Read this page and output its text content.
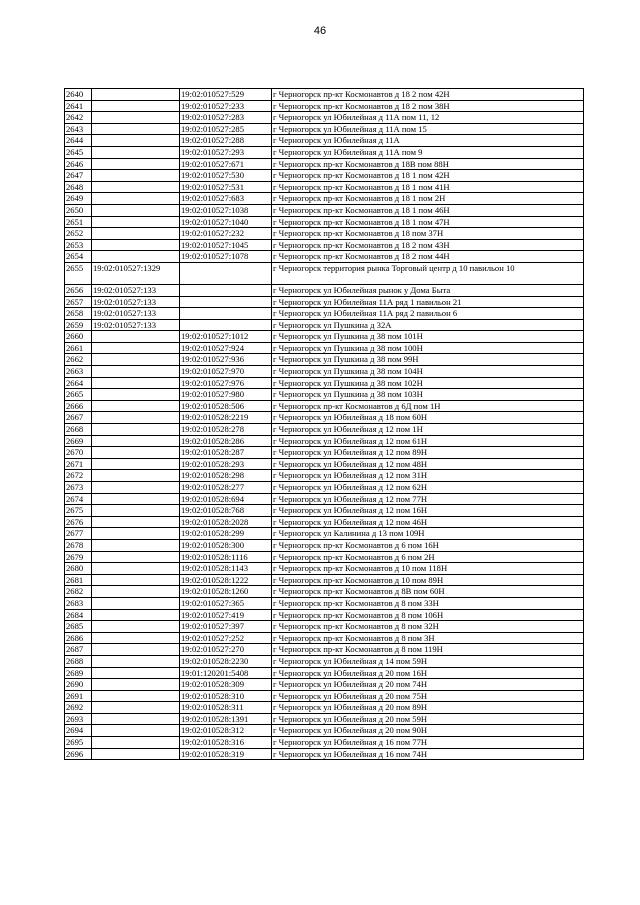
46
2640		19:02:010527:529	г Черногорск пр-кт Космонавтов д 18 2 пом 42Н
2641		19:02:010527:233	г Черногорск пр-кт Космонавтов д 18 2 пом 38Н
2642		19:02:010527:283	г Черногорск ул Юбилейная д 11А пом 11, 12
2643		19:02:010527:285	г Черногорск ул Юбилейная д 11А пом 15
2644		19:02:010527:288	г Черногорск ул Юбилейная д 11А
2645		19:02:010527:293	г Черногорск ул Юбилейная д 11А пом 9
2646		19:02:010527:671	г Черногорск пр-кт Космонавтов д 18В пом 88Н
2647		19:02:010527:530	г Черногорск пр-кт Космонавтов д 18 1 пом 42Н
2648		19:02:010527:531	г Черногорск пр-кт Космонавтов д 18 1 пом 41Н
2649		19:02:010527:683	г Черногорск пр-кт Космонавтов д 18 1 пом 2Н
2650		19:02:010527:1038	г Черногорск пр-кт Космонавтов д 18 1 пом 46Н
2651		19:02:010527:1040	г Черногорск пр-кт Космонавтов д 18 1 пом 47Н
2652		19:02:010527:232	г Черногорск пр-кт Космонавтов д 18 пом 37Н
2653		19:02:010527:1045	г Черногорск пр-кт Космонавтов д 18 2 пом 43Н
2654		19:02:010527:1078	г Черногорск пр-кт Космонавтов д 18 2 пом 44Н
2655	19:02:010527:1329		г Черногорск территория рынка Торговый центр д 10 павильон 10
2656	19:02:010527:133		г Черногорск ул Юбилейная рынок у Дома Быта
2657	19:02:010527:133		г Черногорск ул Юбилейная 11А ряд 1 павильон 21
2658	19:02:010527:133		г Черногорск ул Юбилейная 11А ряд 2 павильон 6
2659	19:02:010527:133		г Черногорск ул Пушкина д 32А
2660		19:02:010527:1012	г Черногорск ул Пушкина д 38 пом 101Н
2661		19:02:010527:924	г Черногорск ул Пушкина д 38 пом 100Н
2662		19:02:010527:936	г Черногорск ул Пушкина д 38 пом 99Н
2663		19:02:010527:970	г Черногорск ул Пушкина д 38 пом 104Н
2664		19:02:010527:976	г Черногорск ул Пушкина д 38 пом 102Н
2665		19:02:010527:980	г Черногорск ул Пушкина д 38 пом 103Н
2666		19:02:010528:506	г Черногорск пр-кт Космонавтов д 6Д пом 1Н
2667		19:02:010528:2219	г Черногорск ул Юбилейная д 18 пом 60Н
2668		19:02:010528:278	г Черногорск ул Юбилейная д 12 пом 1Н
2669		19:02:010528:286	г Черногорск ул Юбилейная д 12 пом 61Н
2670		19:02:010528:287	г Черногорск ул Юбилейная д 12 пом 89Н
2671		19:02:010528:293	г Черногорск ул Юбилейная д 12 пом 48Н
2672		19:02:010528:298	г Черногорск ул Юбилейная д 12 пом 31Н
2673		19:02:010528:277	г Черногорск ул Юбилейная д 12 пом 62Н
2674		19:02:010528:694	г Черногорск ул Юбилейная д 12 пом 77Н
2675		19:02:010528:768	г Черногорск ул Юбилейная д 12 пом 16Н
2676		19:02:010528:2028	г Черногорск ул Юбилейная д 12 пом 46Н
2677		19:02:010528:299	г Черногорск ул Калинина д 13 пом 109Н
2678		19:02:010528:300	г Черногорск пр-кт Космонавтов д 6 пом 16Н
2679		19:02:010528:1116	г Черногорск пр-кт Космонавтов д 6 пом 2Н
2680		19:02:010528:1143	г Черногорск пр-кт Космонавтов д 10 пом 118Н
2681		19:02:010528:1222	г Черногорск пр-кт Космонавтов д 10 пом 89Н
2682		19:02:010528:1260	г Черногорск пр-кт Космонавтов д 8В пом 60Н
2683		19:02:010527:365	г Черногорск пр-кт Космонавтов д 8 пом 33Н
2684		19:02:010527:419	г Черногорск пр-кт Космонавтов д 8 пом 106Н
2685		19:02:010527:397	г Черногорск пр-кт Космонавтов д 8 пом 32Н
2686		19:02:010527:252	г Черногорск пр-кт Космонавтов д 8 пом 3Н
2687		19:02:010527:270	г Черногорск пр-кт Космонавтов д 8 пом 119Н
2688		19:02:010528:2230	г Черногорск ул Юбилейная д 14 пом 59Н
2689		19:01:120201:5408	г Черногорск ул Юбилейная д 20 пом 16Н
2690		19:02:010528:309	г Черногорск ул Юбилейная д 20 пом 74Н
2691		19:02:010528:310	г Черногорск ул Юбилейная д 20 пом 75Н
2692		19:02:010528:311	г Черногорск ул Юбилейная д 20 пом 89Н
2693		19:02:010528:1391	г Черногорск ул Юбилейная д 20 пом 59Н
2694		19:02:010528:312	г Черногорск ул Юбилейная д 20 пом 90Н
2695		19:02:010528:316	г Черногорск ул Юбилейная д 16 пом 77Н
2696		19:02:010528:319	г Черногорск ул Юбилейная д 16 пом 74Н
